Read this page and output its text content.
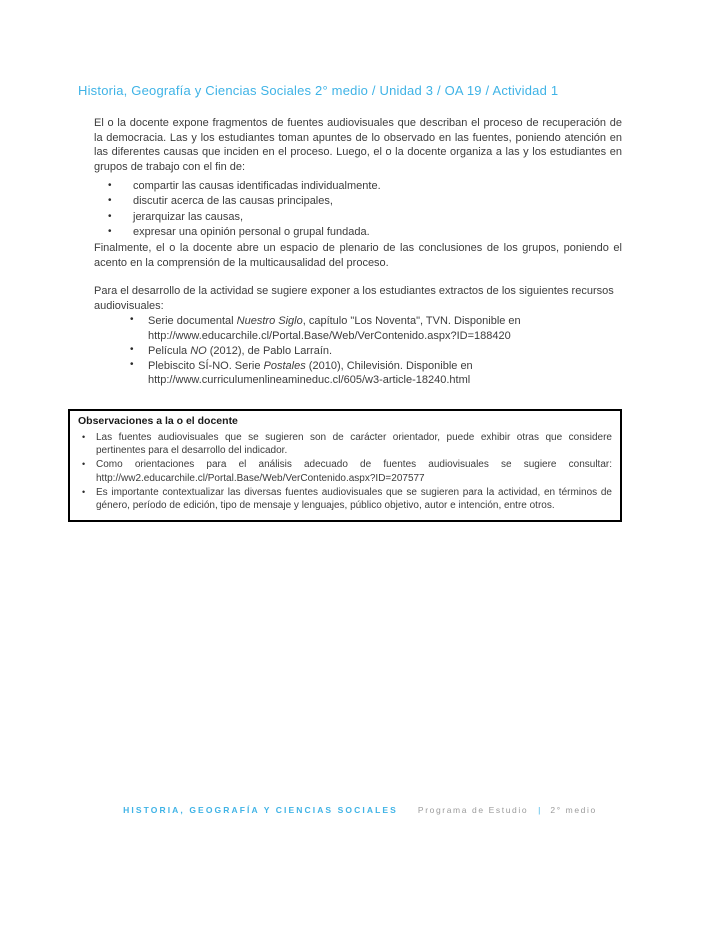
Historia, Geografía y Ciencias Sociales 2° medio / Unidad 3 / OA 19 / Actividad 1

El o la docente expone fragmentos de fuentes audiovisuales que describan el proceso de recuperación de la democracia. Las y los estudiantes toman apuntes de lo observado en las fuentes, poniendo atención en las diferentes causas que inciden en el proceso. Luego, el o la docente organiza a las y los estudiantes en grupos de trabajo con el fin de:

• compartir las causas identificadas individualmente.
• discutir acerca de las causas principales,
• jerarquizar las causas,
• expresar una opinión personal o grupal fundada.

Finalmente, el o la docente abre un espacio de plenario de las conclusiones de los grupos, poniendo el acento en la comprensión de la multicausalidad del proceso.

Para el desarrollo de la actividad se sugiere exponer a los estudiantes extractos de los siguientes recursos audiovisuales:

• Serie documental Nuestro Siglo, capítulo "Los Noventa", TVN. Disponible en
http://www.educarchile.cl/Portal.Base/Web/VerContenido.aspx?ID=188420
• Película NO (2012), de Pablo Larraín.
• Plebiscito SÍ-NO. Serie Postales (2010), Chilevisión. Disponible en
http://www.curriculumenlineamineduc.cl/605/w3-article-18240.html
Observaciones a la o el docente
• Las fuentes audiovisuales que se sugieren son de carácter orientador, puede exhibir otras que considere pertinentes para el desarrollo del indicador.
• Como orientaciones para el análisis adecuado de fuentes audiovisuales se sugiere consultar: http://ww2.educarchile.cl/Portal.Base/Web/VerContenido.aspx?ID=207577
• Es importante contextualizar las diversas fuentes audiovisuales que se sugieren para la actividad, en términos de género, período de edición, tipo de mensaje y lenguajes, público objetivo, autor e intención, entre otros.
HISTORIA, GEOGRAFÍA Y CIENCIAS SOCIALES Programa de Estudio | 2° medio
